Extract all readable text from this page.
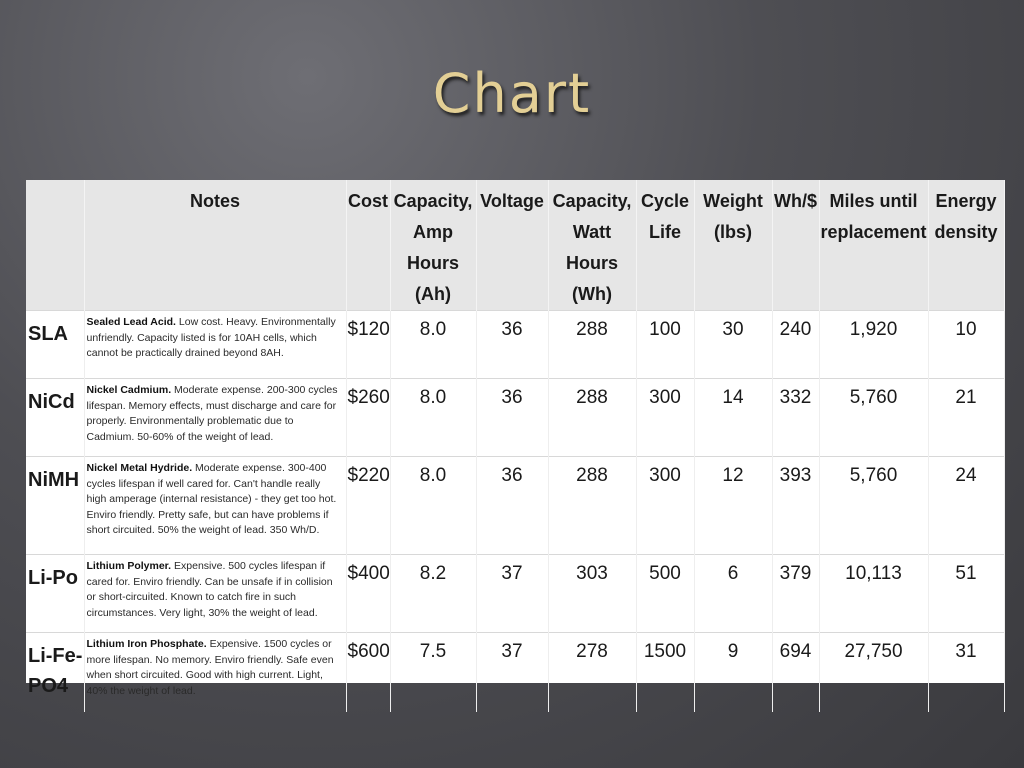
Chart
	Notes	Cost	Capacity, Amp Hours (Ah)	Voltage	Capacity, Watt Hours (Wh)	Cycle Life	Weight (lbs)	Wh/$	Miles until replacement	Energy density
SLA	Sealed Lead Acid. Low cost. Heavy. Environmentally unfriendly. Capacity listed is for 10AH cells, which cannot be practically drained beyond 8AH.	$120	8.0	36	288	100	30	240	1,920	10
NiCd	Nickel Cadmium. Moderate expense. 200-300 cycles lifespan. Memory effects, must discharge and care for properly. Environmentally problematic due to Cadmium. 50-60% of the weight of lead.	$260	8.0	36	288	300	14	332	5,760	21
NiMH	Nickel Metal Hydride. Moderate expense. 300-400 cycles lifespan if well cared for. Can't handle really high amperage (internal resistance) - they get too hot. Enviro friendly. Pretty safe, but can have problems if short circuited. 50% the weight of lead. 350 Wh/D.	$220	8.0	36	288	300	12	393	5,760	24
Li-Po	Lithium Polymer. Expensive. 500 cycles lifespan if cared for. Enviro friendly. Can be unsafe if in collision or short-circuited. Known to catch fire in such circumstances. Very light, 30% the weight of lead.	$400	8.2	37	303	500	6	379	10,113	51
Li-Fe-PO4	Lithium Iron Phosphate. Expensive. 1500 cycles or more lifespan. No memory. Enviro friendly. Safe even when short circuited. Good with high current. Light, 40% the weight of lead.	$600	7.5	37	278	1500	9	694	27,750	31
